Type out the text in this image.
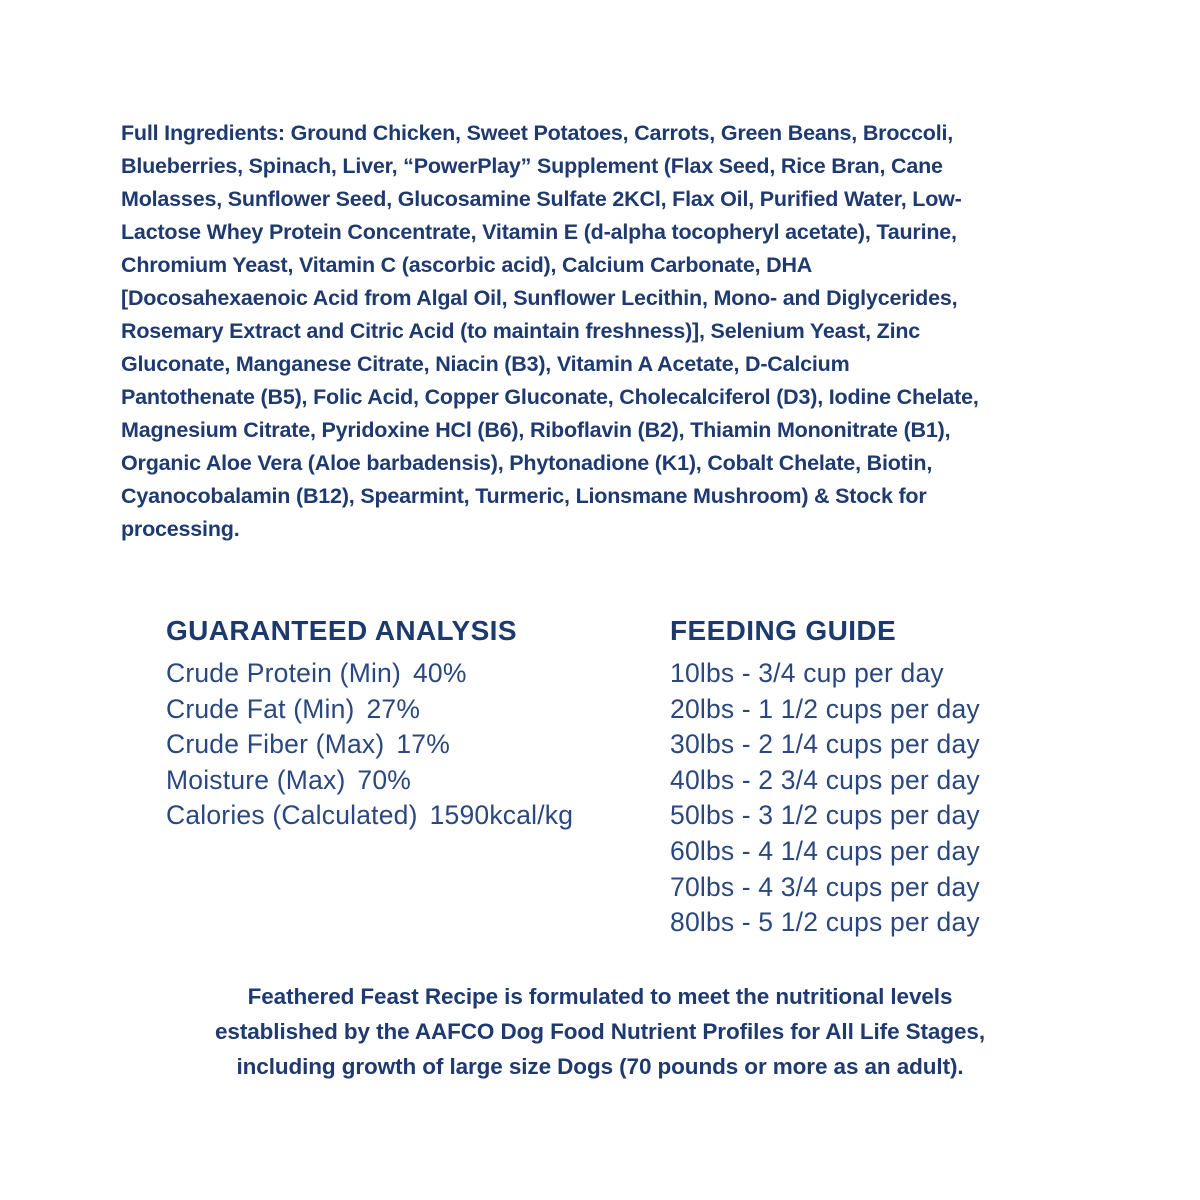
Full Ingredients: Ground Chicken, Sweet Potatoes, Carrots, Green Beans, Broccoli,
Blueberries, Spinach, Liver, “PowerPlay” Supplement (Flax Seed, Rice Bran, Cane
Molasses, Sunflower Seed, Glucosamine Sulfate 2KCl, Flax Oil, Purified Water, Low-
Lactose Whey Protein Concentrate, Vitamin E (d-alpha tocopheryl acetate), Taurine,
Chromium Yeast, Vitamin C (ascorbic acid), Calcium Carbonate, DHA
[Docosahexaenoic Acid from Algal Oil, Sunflower Lecithin, Mono- and Diglycerides,
Rosemary Extract and Citric Acid (to maintain freshness)], Selenium Yeast, Zinc
Gluconate, Manganese Citrate, Niacin (B3), Vitamin A Acetate, D-Calcium
Pantothenate (B5), Folic Acid, Copper Gluconate, Cholecalciferol (D3), Iodine Chelate,
Magnesium Citrate, Pyridoxine HCl (B6), Riboflavin (B2), Thiamin Mononitrate (B1),
Organic Aloe Vera (Aloe barbadensis), Phytonadione (K1), Cobalt Chelate, Biotin,
Cyanocobalamin (B12), Spearmint, Turmeric, Lionsmane Mushroom) & Stock for
processing.
GUARANTEED ANALYSIS
Crude Protein (Min) 40%
Crude Fat (Min) 27%
Crude Fiber (Max) 17%
Moisture (Max) 70%
Calories (Calculated) 1590kcal/kg
FEEDING GUIDE
10lbs - 3/4 cup per day
20lbs - 1 1/2 cups per day
30lbs - 2 1/4 cups per day
40lbs - 2 3/4 cups per day
50lbs - 3 1/2 cups per day
60lbs - 4 1/4 cups per day
70lbs - 4 3/4 cups per day
80lbs - 5 1/2 cups per day
Feathered Feast Recipe is formulated to meet the nutritional levels
established by the AAFCO Dog Food Nutrient Profiles for All Life Stages,
including growth of large size Dogs (70 pounds or more as an adult).
